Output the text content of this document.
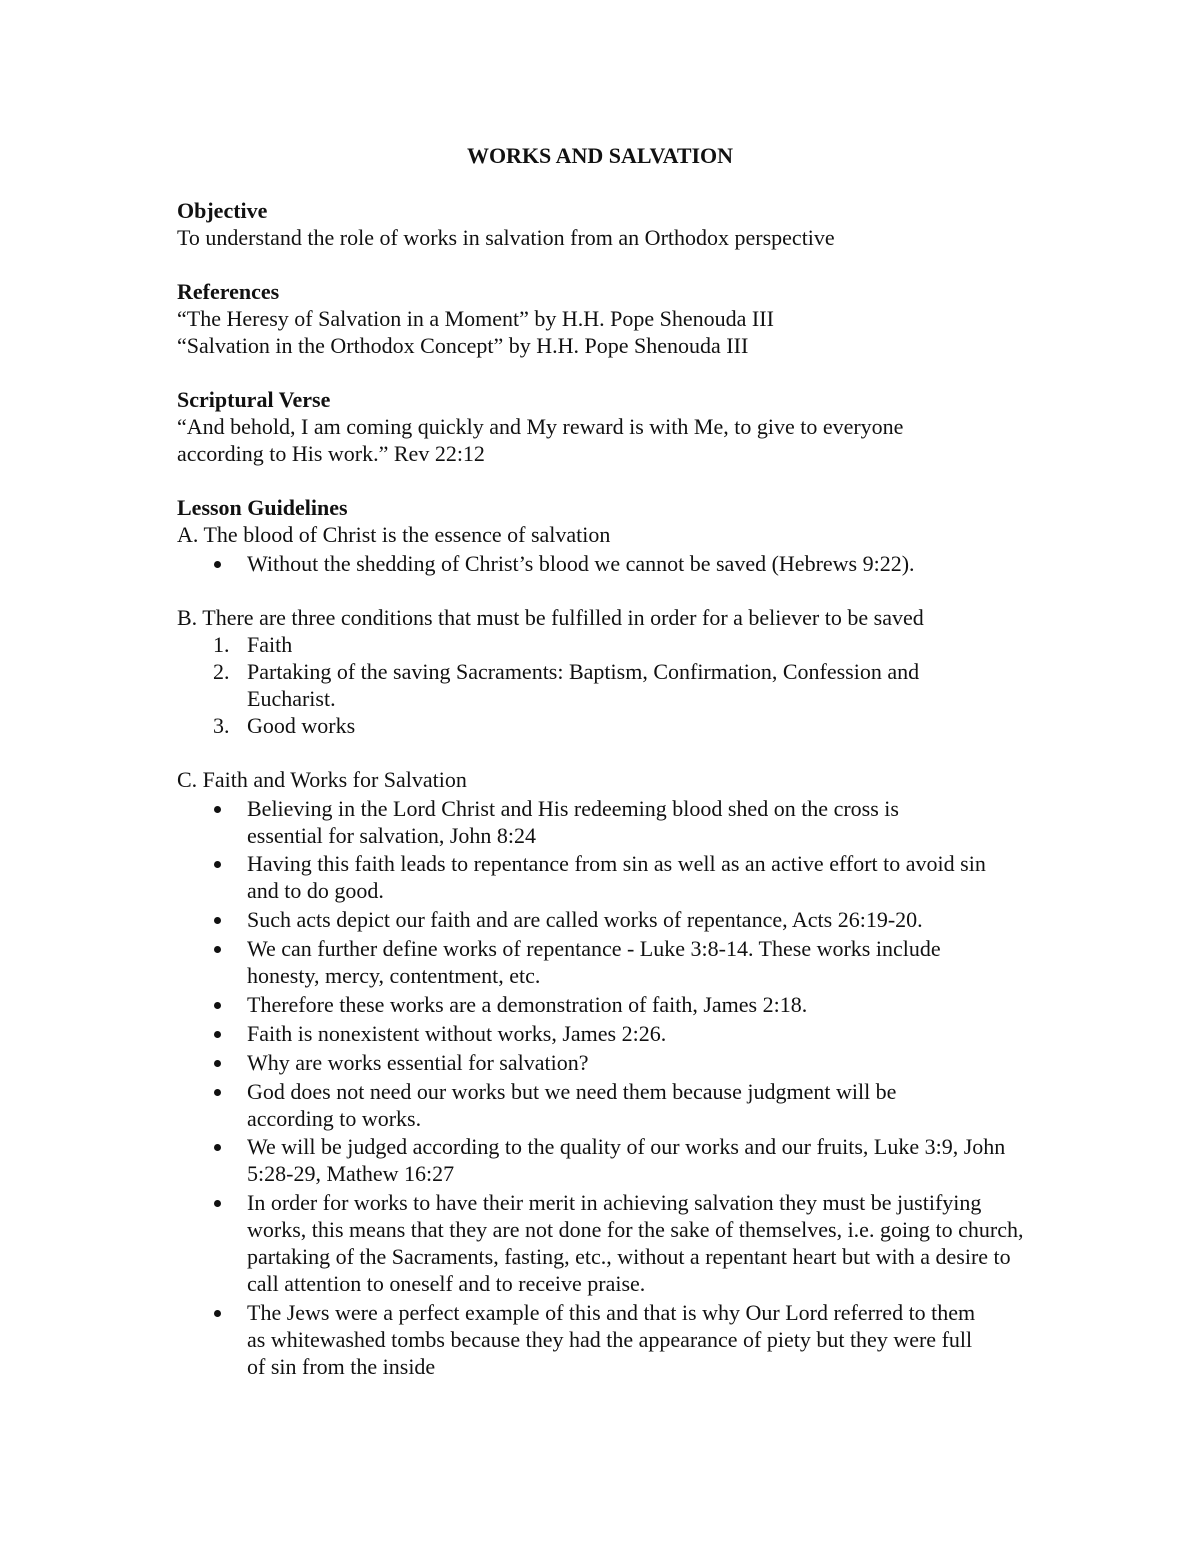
WORKS AND SALVATION

Objective

To understand the role of works in salvation from an Orthodox perspective

References

“The Heresy of Salvation in a Moment” by H.H. Pope Shenouda III

“Salvation in the Orthodox Concept” by H.H. Pope Shenouda III

Scriptural Verse

“And behold, I am coming quickly and My reward is with Me, to give to everyone

according to His work.” Rev 22:12

Lesson Guidelines

A. The blood of Christ is the essence of salvation

Without the shedding of Christ’s blood we cannot be saved (Hebrews 9:22).

B. There are three conditions that must be fulfilled in order for a believer to be saved

1. Faith

2. Partaking of the saving Sacraments: Baptism, Confirmation, Confession and Eucharist.

3. Good works

C. Faith and Works for Salvation

Believing in the Lord Christ and His redeeming blood shed on the cross is essential for salvation, John 8:24

Having this faith leads to repentance from sin as well as an active effort to avoid sin and to do good.

Such acts depict our faith and are called works of repentance, Acts 26:19-20.

We can further define works of repentance - Luke 3:8-14. These works include honesty, mercy, contentment, etc.

Therefore these works are a demonstration of faith, James 2:18.

Faith is nonexistent without works, James 2:26.

Why are works essential for salvation?

God does not need our works but we need them because judgment will be according to works.

We will be judged according to the quality of our works and our fruits, Luke 3:9, John 5:28-29, Mathew 16:27

In order for works to have their merit in achieving salvation they must be justifying works, this means that they are not done for the sake of themselves, i.e. going to church, partaking of the Sacraments, fasting, etc., without a repentant heart but with a desire to call attention to oneself and to receive praise.

The Jews were a perfect example of this and that is why Our Lord referred to them as whitewashed tombs because they had the appearance of piety but they were full of sin from the inside
